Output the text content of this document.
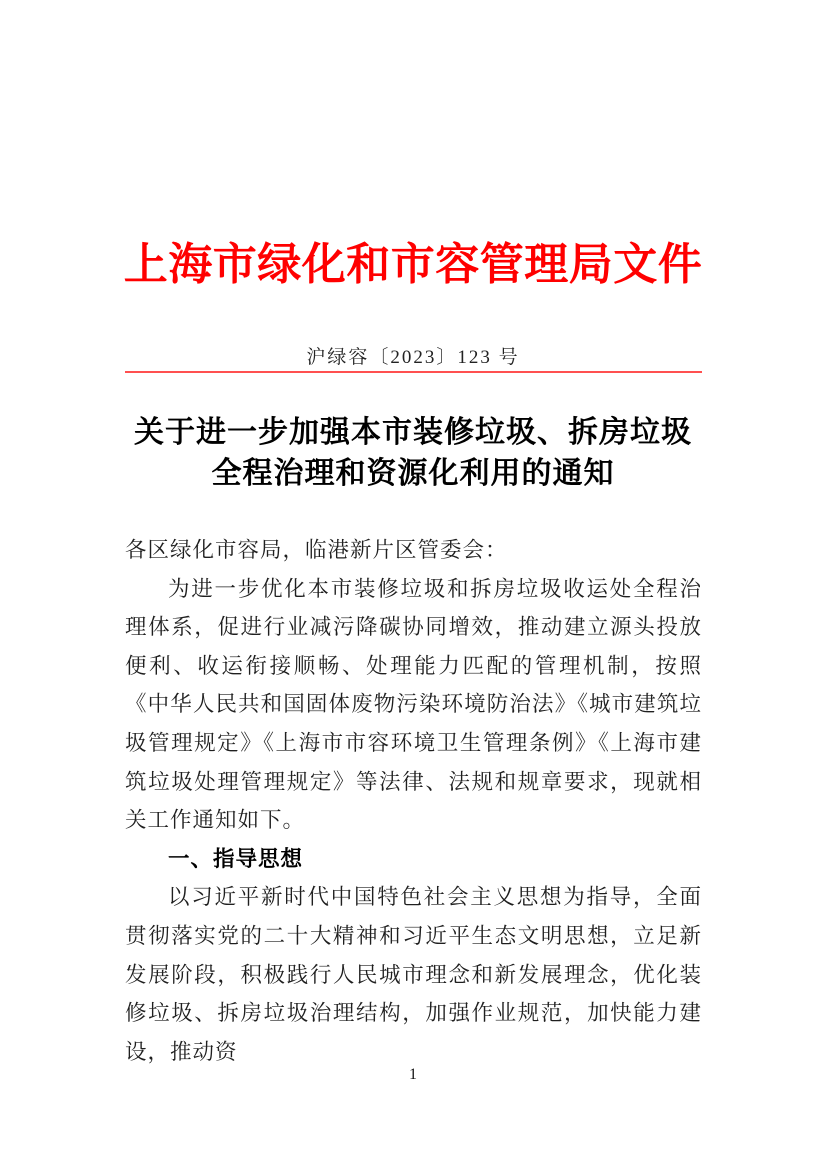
上海市绿化和市容管理局文件
沪绿容〔2023〕123 号
关于进一步加强本市装修垃圾、拆房垃圾
全程治理和资源化利用的通知

各区绿化市容局，临港新片区管委会：

为进一步优化本市装修垃圾和拆房垃圾收运处全程治理体系，促进行业减污降碳协同增效，推动建立源头投放便利、收运衔接顺畅、处理能力匹配的管理机制，按照《中华人民共和国固体废物污染环境防治法》《城市建筑垃圾管理规定》《上海市市容环境卫生管理条例》《上海市建筑垃圾处理管理规定》等法律、法规和规章要求，现就相关工作通知如下。

一、指导思想

以习近平新时代中国特色社会主义思想为指导，全面贯彻落实党的二十大精神和习近平生态文明思想，立足新发展阶段，积极践行人民城市理念和新发展理念，优化装修垃圾、拆房垃圾治理结构，加强作业规范，加快能力建设，推动资

1
